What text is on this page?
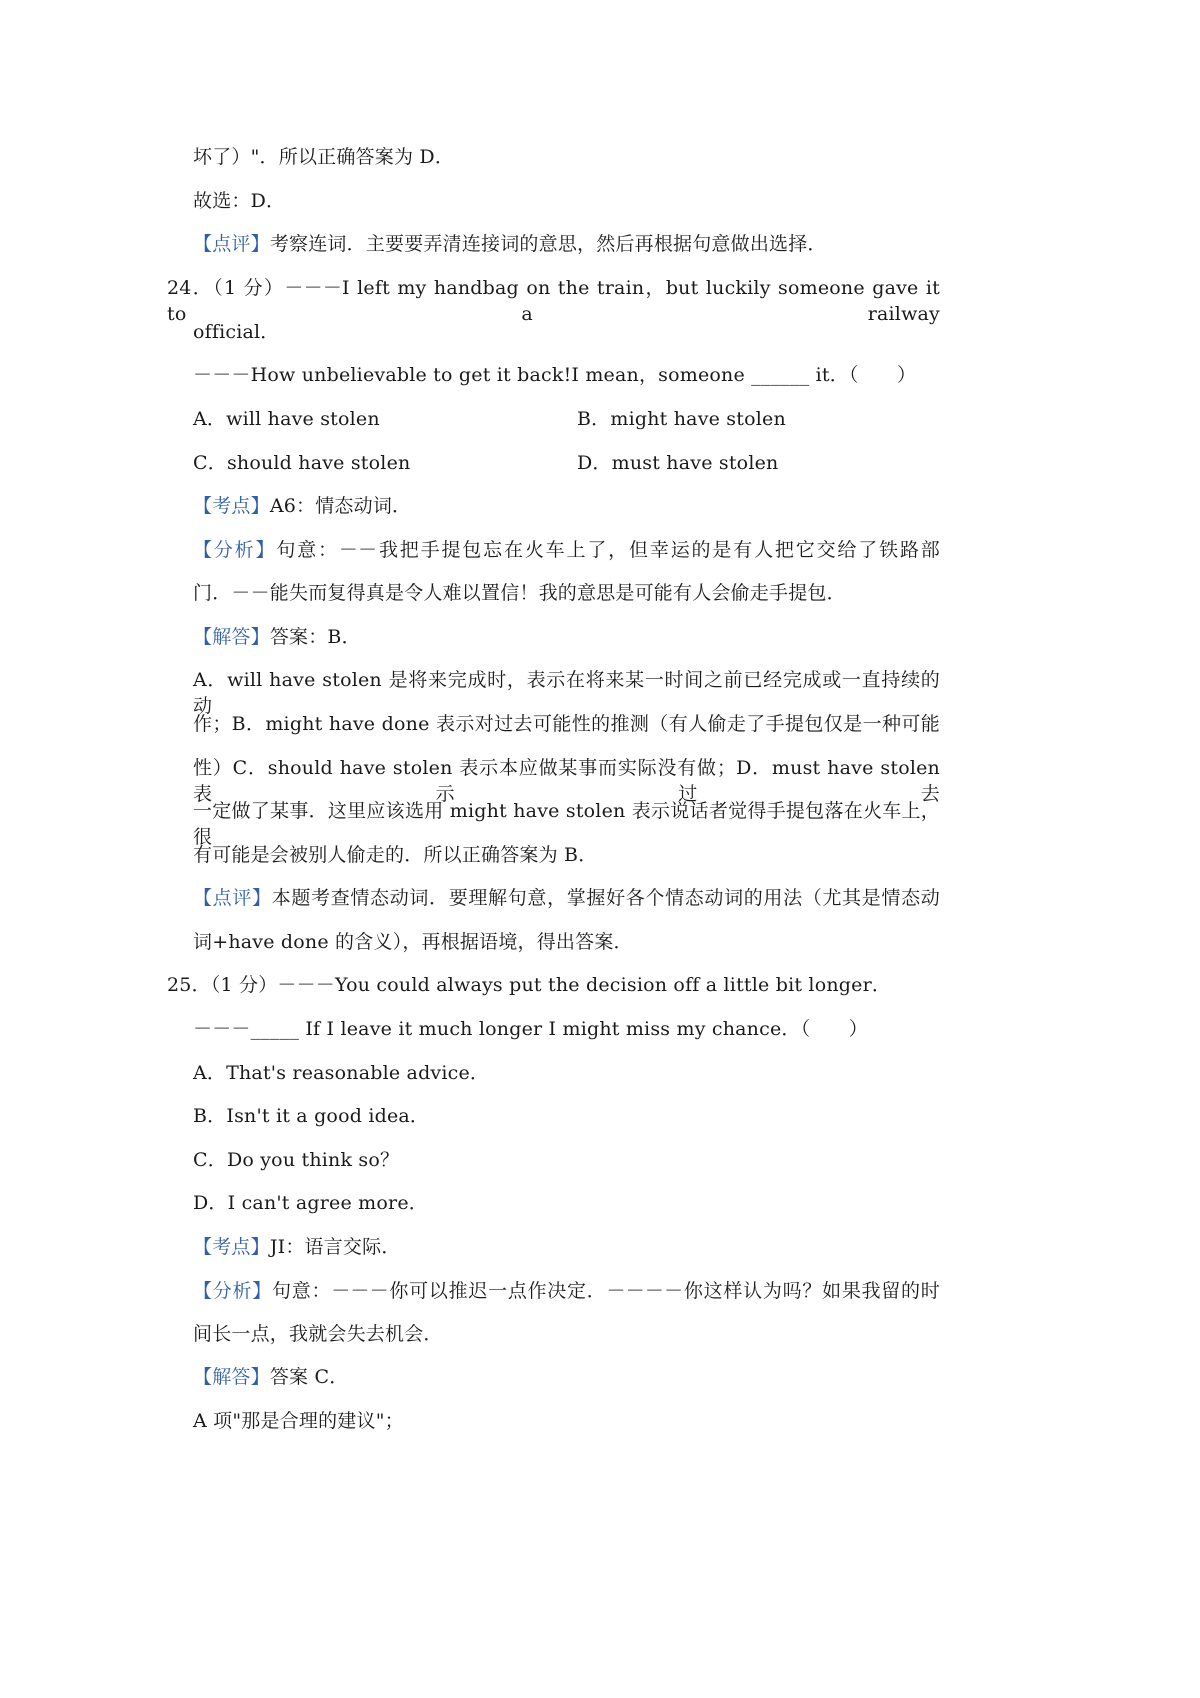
坏了）"．所以正确答案为 D．
故选：D．
【点评】考察连词．主要要弄清连接词的意思，然后再根据句意做出选择．
24．（1 分）－－－I left my handbag on the train，but luckily someone gave it to a railway
official．
－－－How unbelievable to get it back!I mean，someone ______ it．（　　）
A．will have stolen	B．might have stolen
C．should have stolen	D．must have stolen
【考点】A6：情态动词．
【分析】句意：－－我把手提包忘在火车上了，但幸运的是有人把它交给了铁路部
门．－－能失而复得真是令人难以置信！我的意思是可能有人会偷走手提包．
【解答】答案：B．
A．will have stolen 是将来完成时，表示在将来某一时间之前已经完成或一直持续的动
作；B．might have done 表示对过去可能性的推测（有人偷走了手提包仅是一种可能
性）C．should have stolen 表示本应做某事而实际没有做；D．must have stolen 表示过去
一定做了某事．这里应该选用 might have stolen 表示说话者觉得手提包落在火车上，很
有可能是会被别人偷走的．所以正确答案为 B．
【点评】本题考查情态动词．要理解句意，掌握好各个情态动词的用法（尤其是情态动
词+have done 的含义），再根据语境，得出答案．
25．（1 分）－－－You could always put the decision off a little bit longer．
－－－_____ If I leave it much longer I might miss my chance．（　　）
A．That's reasonable advice．
B．Isn't it a good idea．
C．Do you think so？
D．I can't agree more．
【考点】JI：语言交际．
【分析】句意：－－－你可以推迟一点作决定．－－－－你这样认为吗？如果我留的时
间长一点，我就会失去机会．
【解答】答案 C．
A 项"那是合理的建议"；
